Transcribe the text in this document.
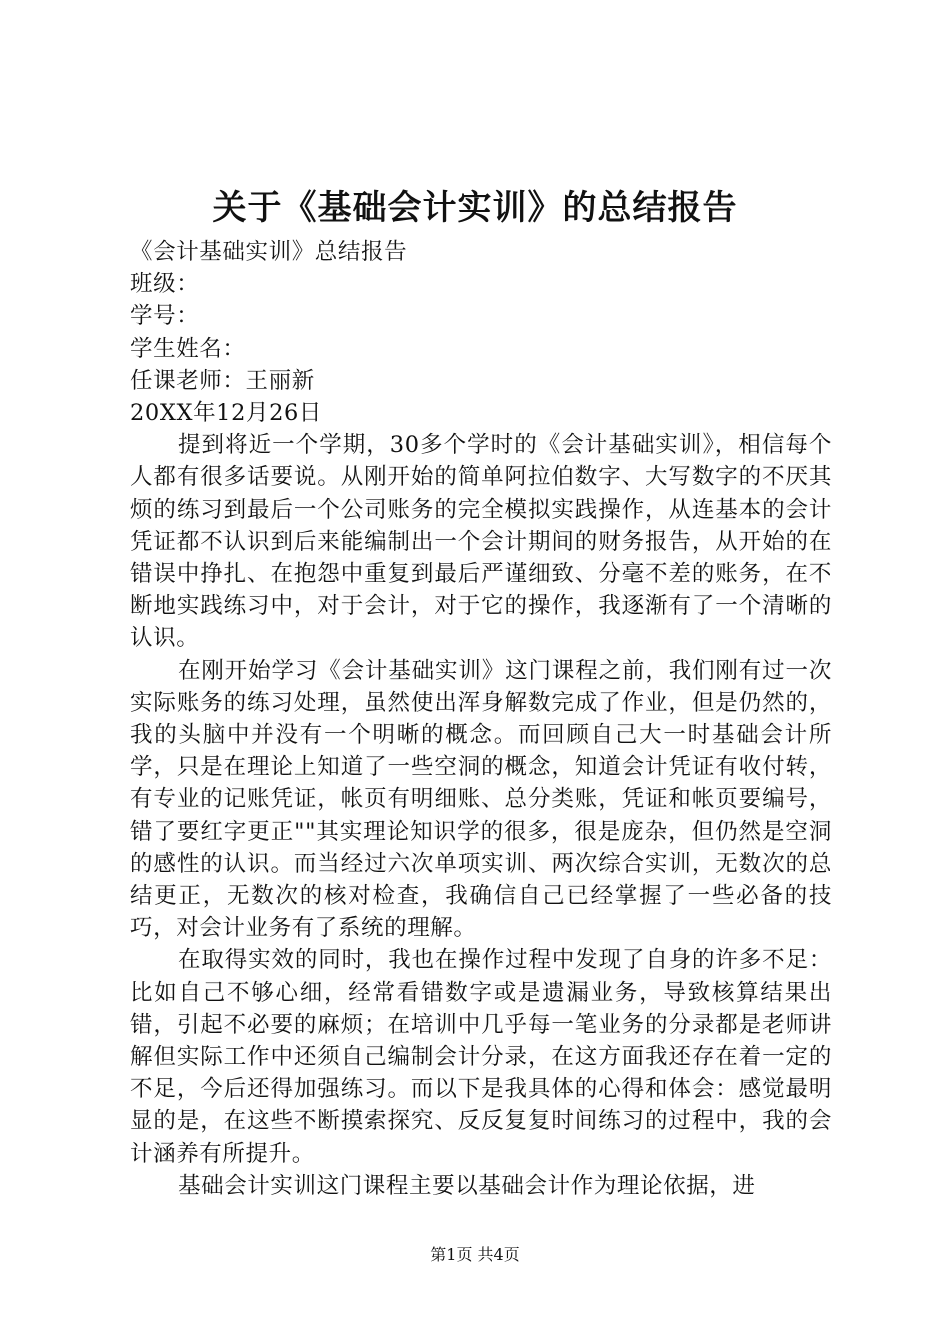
关于《基础会计实训》的总结报告

《会计基础实训》总结报告

班级：

学号：

学生姓名：

任课老师：王丽新

20XX年12月26日

提到将近一个学期，30多个学时的《会计基础实训》，相信每个人都有很多话要说。从刚开始的简单阿拉伯数字、大写数字的不厌其烦的练习到最后一个公司账务的完全模拟实践操作，从连基本的会计凭证都不认识到后来能编制出一个会计期间的财务报告，从开始的在错误中挣扎、在抱怨中重复到最后严谨细致、分毫不差的账务，在不断地实践练习中，对于会计，对于它的操作，我逐渐有了一个清晰的认识。

在刚开始学习《会计基础实训》这门课程之前，我们刚有过一次实际账务的练习处理，虽然使出浑身解数完成了作业，但是仍然的，我的头脑中并没有一个明晰的概念。而回顾自己大一时基础会计所学，只是在理论上知道了一些空洞的概念，知道会计凭证有收付转，有专业的记账凭证，帐页有明细账、总分类账，凭证和帐页要编号，错了要红字更正""其实理论知识学的很多，很是庞杂，但仍然是空洞的感性的认识。而当经过六次单项实训、两次综合实训，无数次的总结更正，无数次的核对检查，我确信自己已经掌握了一些必备的技巧，对会计业务有了系统的理解。

在取得实效的同时，我也在操作过程中发现了自身的许多不足：比如自己不够心细，经常看错数字或是遗漏业务，导致核算结果出错，引起不必要的麻烦；在培训中几乎每一笔业务的分录都是老师讲解但实际工作中还须自己编制会计分录，在这方面我还存在着一定的不足，今后还得加强练习。而以下是我具体的心得和体会：感觉最明显的是，在这些不断摸索探究、反反复复时间练习的过程中，我的会计涵养有所提升。

基础会计实训这门课程主要以基础会计作为理论依据，进

第1页 共4页
